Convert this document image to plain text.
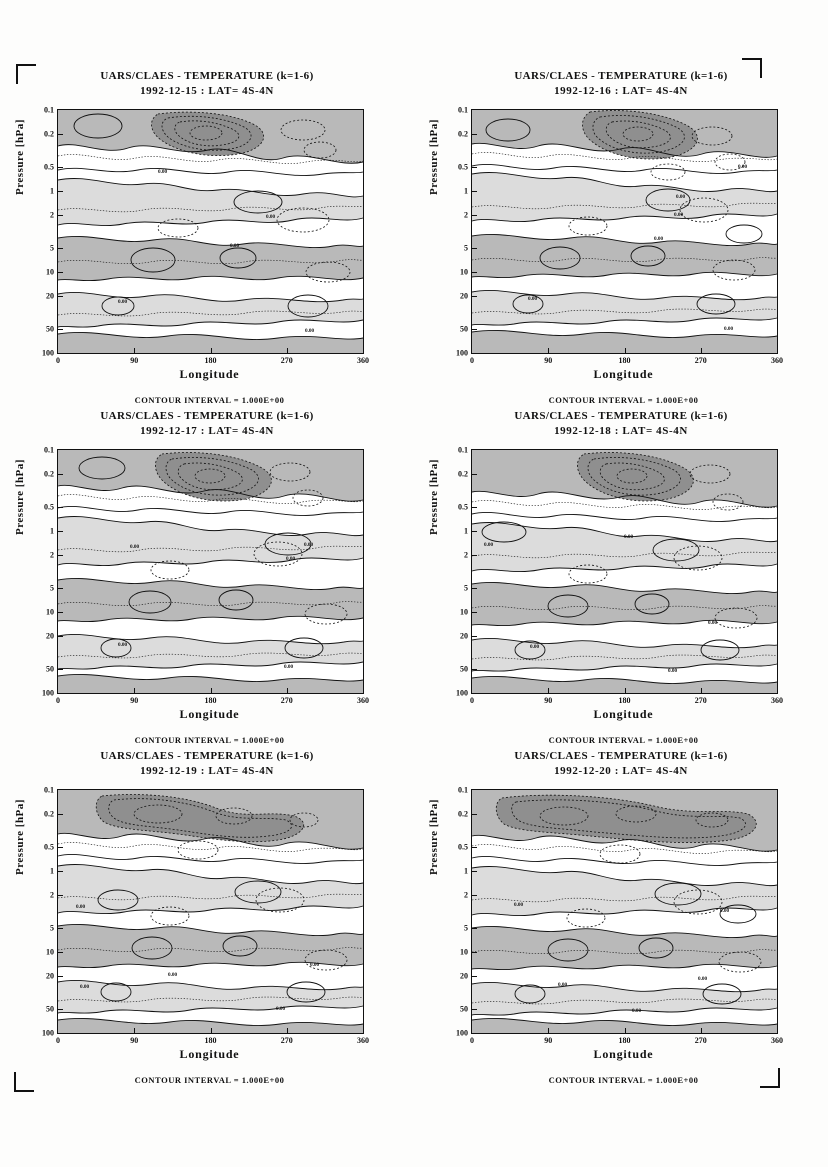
UARS/CLAES - TEMPERATURE (k=1-6)
1992-12-15 : LAT= 4S-4N
Pressure [hPa]
0.00
0.00
0.00
0.00
0.00
0.1
0.2
0.5
1
2
5
10
20
50
100
0	90	180	270	360
Longitude
CONTOUR INTERVAL = 1.000E+00
UARS/CLAES - TEMPERATURE (k=1-6)
1992-12-16 : LAT= 4S-4N
Pressure [hPa]
0.00
0.00
0.00
0.00
0.00
0.00
0.1
0.2
0.5
1
2
5
10
20
50
100
0	90	180	270	360
Longitude
CONTOUR INTERVAL = 1.000E+00
UARS/CLAES - TEMPERATURE (k=1-6)
1992-12-17 : LAT= 4S-4N
Pressure [hPa]
0.00
0.00
0.00
0.00
0.00
0.1
0.2
0.5
1
2
5
10
20
50
100
0	90	180	270	360
Longitude
CONTOUR INTERVAL = 1.000E+00
UARS/CLAES - TEMPERATURE (k=1-6)
1992-12-18 : LAT= 4S-4N
Pressure [hPa]
0.00
0.00
0.00
0.00
0.00
0.1
0.2
0.5
1
2
5
10
20
50
100
0	90	180	270	360
Longitude
CONTOUR INTERVAL = 1.000E+00
UARS/CLAES - TEMPERATURE (k=1-6)
1992-12-19 : LAT= 4S-4N
Pressure [hPa]
0.00
0.00
0.00
0.00
0.00
0.1
0.2
0.5
1
2
5
10
20
50
100
0	90	180	270	360
Longitude
CONTOUR INTERVAL = 1.000E+00
UARS/CLAES - TEMPERATURE (k=1-6)
1992-12-20 : LAT= 4S-4N
Pressure [hPa]
0.00
0.00
0.00
0.00
0.00
0.1
0.2
0.5
1
2
5
10
20
50
100
0	90	180	270	360
Longitude
CONTOUR INTERVAL = 1.000E+00
